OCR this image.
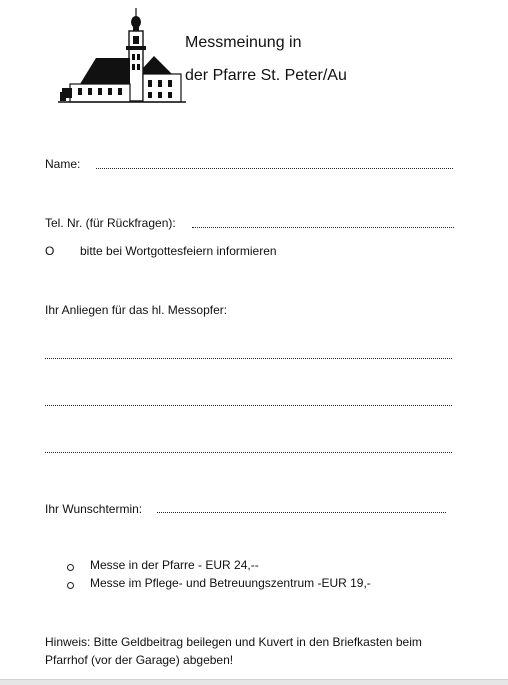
Messmeinung in
der Pfarre St. Peter/Au
Name:
Tel. Nr. (für Rückfragen):
O bitte bei Wortgottesfeiern informieren
Ihr Anliegen für das hl. Messopfer:
Ihr Wunschtermin:
Messe in der Pfarre - EUR 24,--
Messe im Pflege- und Betreuungszentrum -EUR 19,-
Hinweis: Bitte Geldbeitrag beilegen und Kuvert in den Briefkasten beim Pfarrhof (vor der Garage) abgeben!
